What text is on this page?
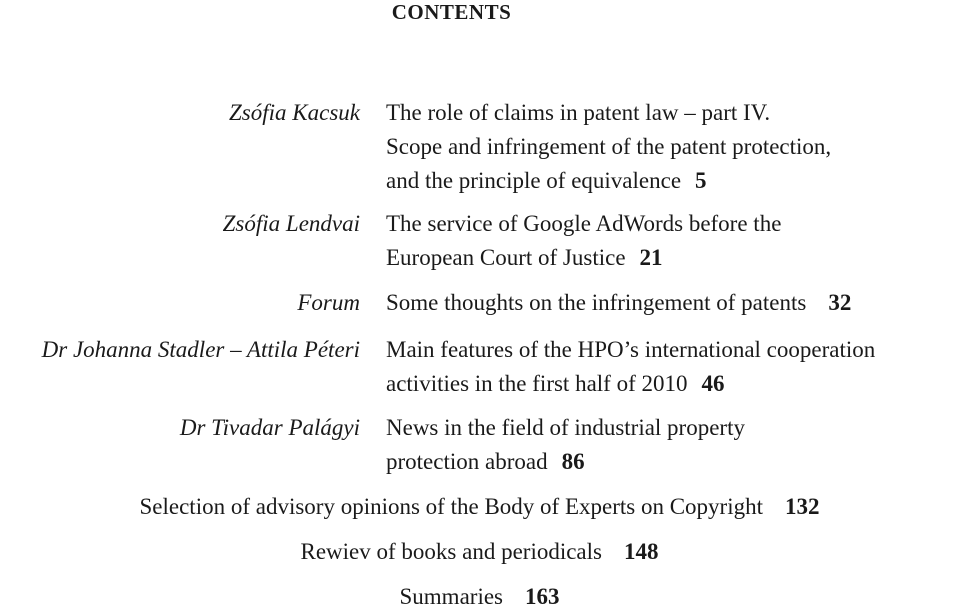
CONTENTS
Zsófia Kacsuk The role of claims in patent law – part IV.
Scope and infringement of the patent protection,
and the principle of equivalence 5
Zsófia Lendvai The service of Google AdWords before the
European Court of Justice 21
Forum Some thoughts on the infringement of patents 32
Dr Johanna Stadler – Attila Péteri Main features of the HPO’s international cooperation
activities in the first half of 2010 46
Dr Tivadar Palágyi News in the field of industrial property
protection abroad 86
Selection of advisory opinions of the Body of Experts on Copyright 132
Rewiev of books and periodicals 148
Summaries 163
